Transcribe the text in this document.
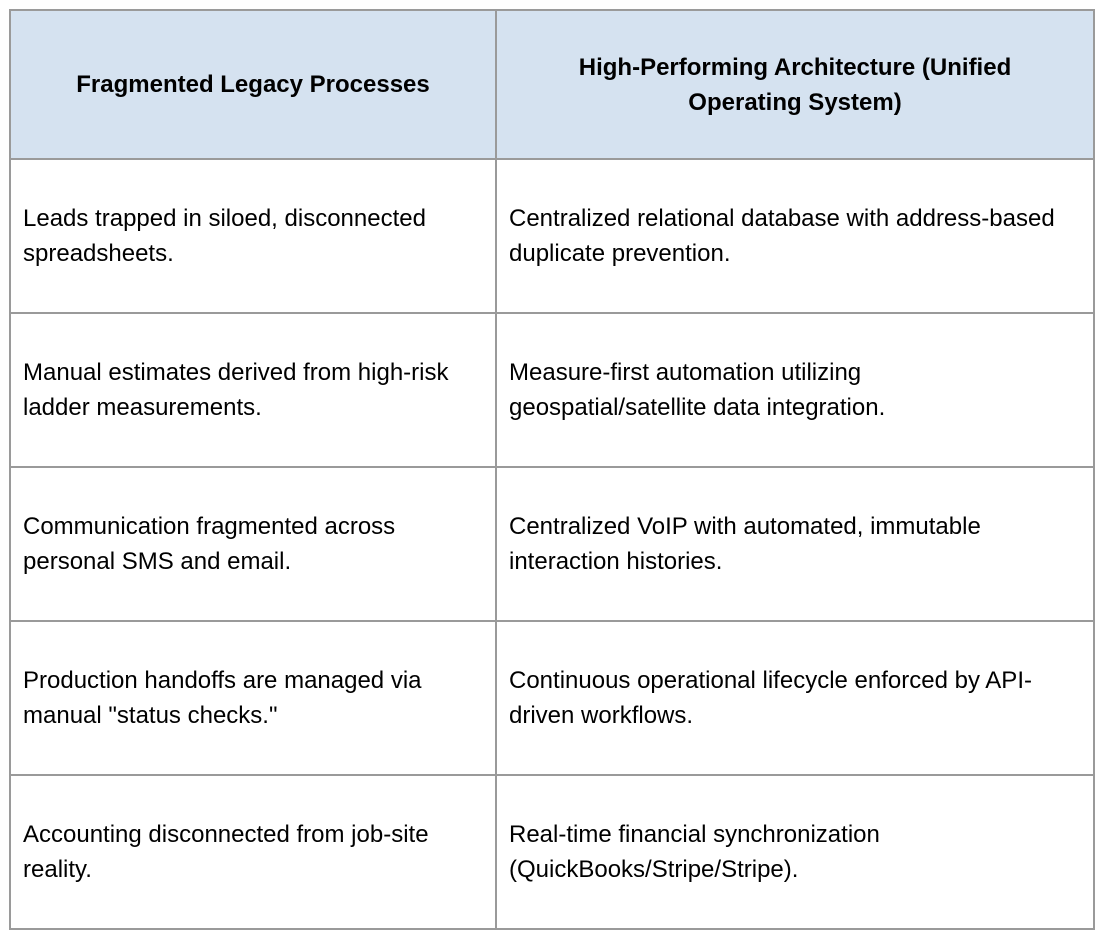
Fragmented Legacy Processes	High-Performing Architecture (Unified Operating System)
Leads trapped in siloed, disconnected spreadsheets.	Centralized relational database with address-based duplicate prevention.
Manual estimates derived from high-risk ladder measurements.	Measure-first automation utilizing geospatial/satellite data integration.
Communication fragmented across personal SMS and email.	Centralized VoIP with automated, immutable interaction histories.
Production handoffs are managed via manual "status checks."	Continuous operational lifecycle enforced by API-driven workflows.
Accounting disconnected from job-site reality.	Real-time financial synchronization (QuickBooks/Stripe/Stripe).
